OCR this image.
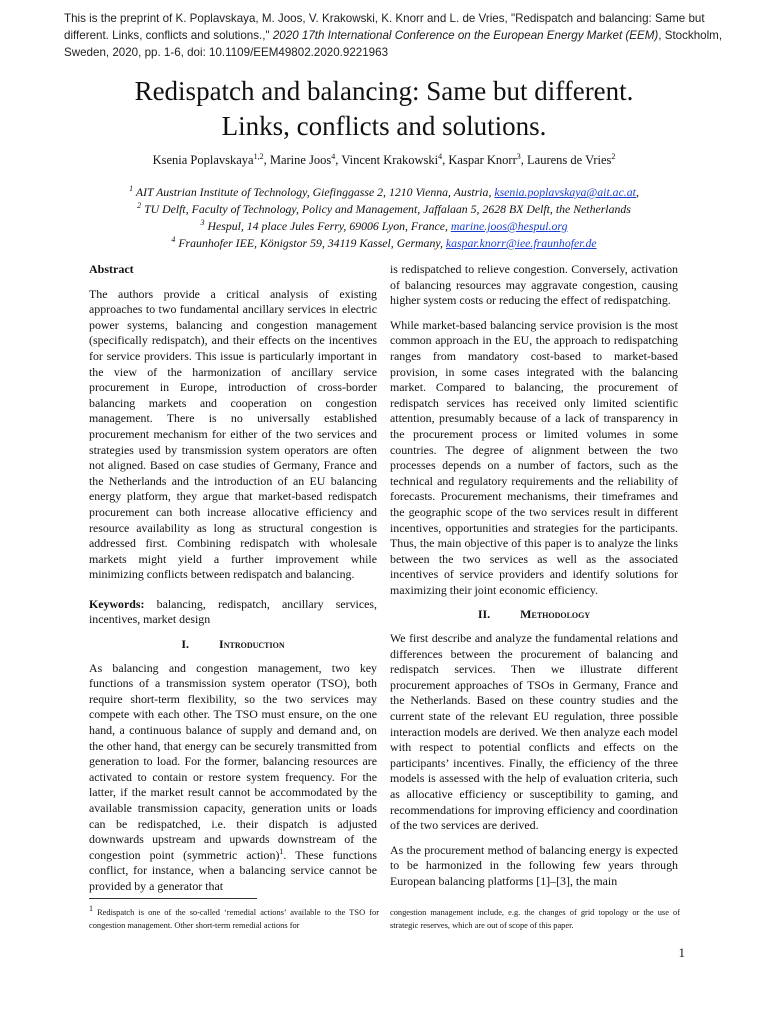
This is the preprint of K. Poplavskaya, M. Joos, V. Krakowski, K. Knorr and L. de Vries, "Redispatch and balancing: Same but different. Links, conflicts and solutions.," 2020 17th International Conference on the European Energy Market (EEM), Stockholm, Sweden, 2020, pp. 1-6, doi: 10.1109/EEM49802.2020.9221963
Redispatch and balancing: Same but different.
Links, conflicts and solutions.
Ksenia Poplavskaya$^{1,2}$, Marine Joos$^4$, Vincent Krakowski$^4$, Kaspar Knorr$^3$, Laurens de Vries$^2$
$^1$ AIT Austrian Institute of Technology, Giefinggasse 2, 1210 Vienna, Austria, ksenia.poplavskaya@ait.ac.at,
$^2$ TU Delft, Faculty of Technology, Policy and Management, Jaffalaan 5, 2628 BX Delft, the Netherlands
$^3$ Hespul, 14 place Jules Ferry, 69006 Lyon, France, marine.joos@hespul.org
$^4$ Fraunhofer IEE, Königstor 59, 34119 Kassel, Germany, kaspar.knorr@iee.fraunhofer.de
Abstract

The authors provide a critical analysis of existing approaches to two fundamental ancillary services in electric power systems, balancing and congestion management (specifically redispatch), and their effects on the incentives for service providers. This issue is particularly important in the view of the harmonization of ancillary service procurement in Europe, introduction of cross-border balancing markets and cooperation on congestion management. There is no universally established procurement mechanism for either of the two services and strategies used by transmission system operators are often not aligned. Based on case studies of Germany, France and the Netherlands and the introduction of an EU balancing energy platform, they argue that market-based redispatch procurement can both increase allocative efficiency and resource availability as long as structural congestion is addressed first. Combining redispatch with wholesale markets might yield a further improvement while minimizing conflicts between redispatch and balancing.

Keywords: balancing, redispatch, ancillary services, incentives, market design

I.	Introduction

As balancing and congestion management, two key functions of a transmission system operator (TSO), both require short-term flexibility, so the two services may compete with each other. The TSO must ensure, on the one hand, a continuous balance of supply and demand and, on the other hand, that energy can be securely transmitted from generation to load. For the former, balancing resources are activated to contain or restore system frequency. For the latter, if the market result cannot be accommodated by the available transmission capacity, generation units or loads can be redispatched, i.e. their dispatch is adjusted downwards upstream and upwards downstream of the congestion point (symmetric action)$^1$. These functions conflict, for instance, when a balancing service cannot be provided by a generator that

is redispatched to relieve congestion. Conversely, activation of balancing resources may aggravate congestion, causing higher system costs or reducing the effect of redispatching.

While market-based balancing service provision is the most common approach in the EU, the approach to redispatching ranges from mandatory cost-based to market-based provision, in some cases integrated with the balancing market. Compared to balancing, the procurement of redispatch services has received only limited scientific attention, presumably because of a lack of transparency in the procurement process or limited volumes in some countries. The degree of alignment between the two processes depends on a number of factors, such as the technical and regulatory requirements and the reliability of forecasts. Procurement mechanisms, their timeframes and the geographic scope of the two services result in different incentives, opportunities and strategies for the participants. Thus, the main objective of this paper is to analyze the links between the two services as well as the associated incentives of service providers and identify solutions for maximizing their joint economic efficiency.

II.	Methodology

We first describe and analyze the fundamental relations and differences between the procurement of balancing and redispatch services. Then we illustrate different procurement approaches of TSOs in Germany, France and the Netherlands. Based on these country studies and the current state of the relevant EU regulation, three possible interaction models are derived. We then analyze each model with respect to potential conflicts and effects on the participants’ incentives. Finally, the efficiency of the three models is assessed with the help of evaluation criteria, such as allocative efficiency or susceptibility to gaming, and recommendations for improving efficiency and coordination of the two services are derived.

As the procurement method of balancing energy is expected to be harmonized in the following few years through European balancing platforms [1]–[3], the main

$^1$ Redispatch is one of the so-called ‘remedial actions’ available to the TSO for congestion management. Other short-term remedial actions for
congestion management include, e.g. the changes of grid topology or the use of strategic reserves, which are out of scope of this paper.
1
